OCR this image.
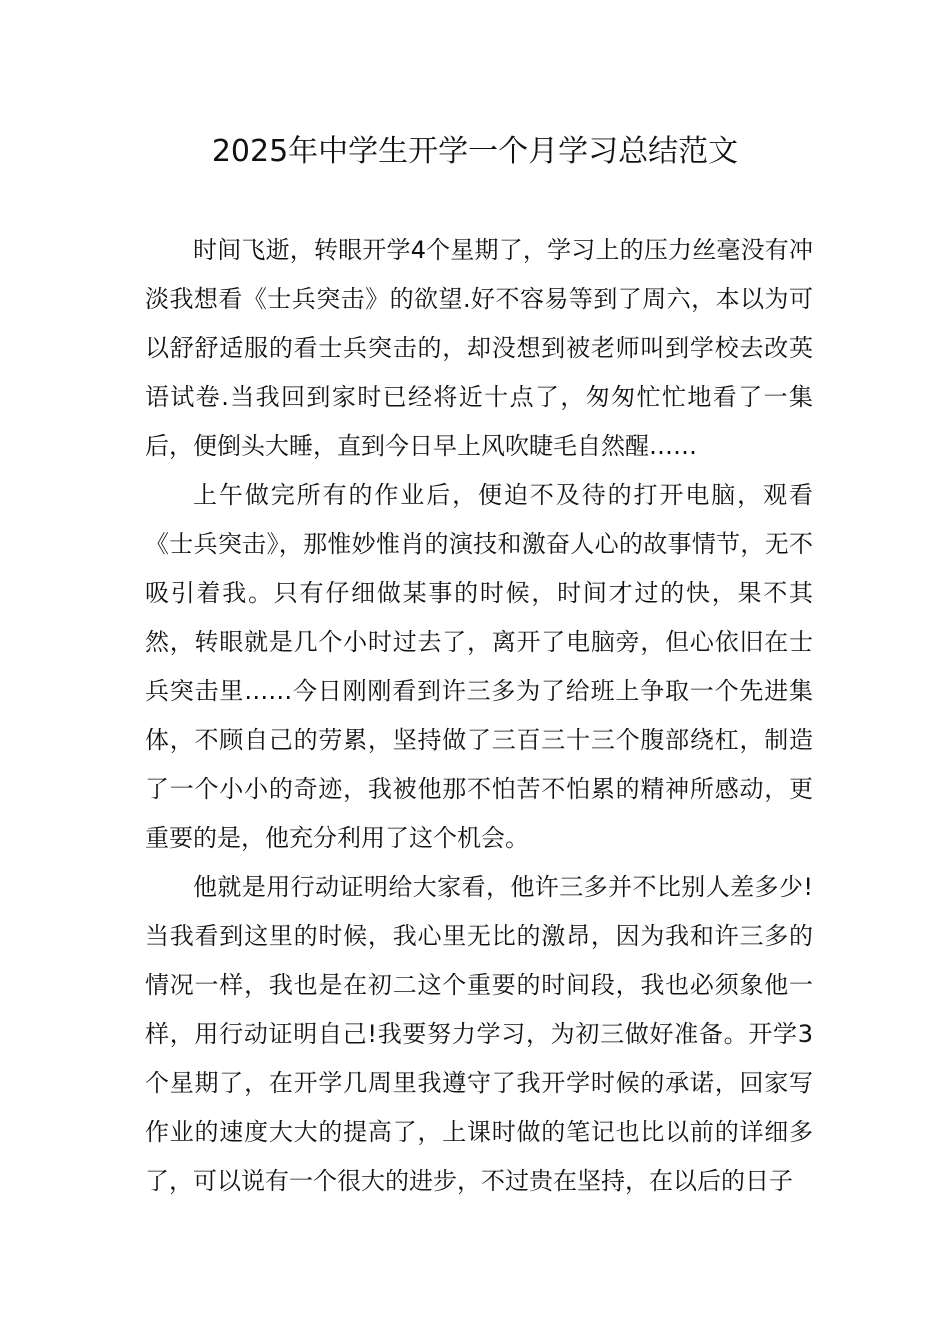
2025年中学生开学一个月学习总结范文

时间飞逝，转眼开学4个星期了，学习上的压力丝毫没有冲淡我想看《士兵突击》的欲望.好不容易等到了周六，本以为可以舒舒适服的看士兵突击的，却没想到被老师叫到学校去改英语试卷.当我回到家时已经将近十点了，匆匆忙忙地看了一集后，便倒头大睡，直到今日早上风吹睫毛自然醒……

上午做完所有的作业后，便迫不及待的打开电脑，观看《士兵突击》，那惟妙惟肖的演技和激奋人心的故事情节，无不吸引着我。只有仔细做某事的时候，时间才过的快，果不其然，转眼就是几个小时过去了，离开了电脑旁，但心依旧在士兵突击里……今日刚刚看到许三多为了给班上争取一个先进集体，不顾自己的劳累，坚持做了三百三十三个腹部绕杠，制造了一个小小的奇迹，我被他那不怕苦不怕累的精神所感动，更重要的是，他充分利用了这个机会。

他就是用行动证明给大家看，他许三多并不比别人差多少!当我看到这里的时候，我心里无比的激昂，因为我和许三多的情况一样，我也是在初二这个重要的时间段，我也必须象他一样，用行动证明自己!我要努力学习，为初三做好准备。开学3个星期了，在开学几周里我遵守了我开学时候的承诺，回家写作业的速度大大的提高了，上课时做的笔记也比以前的详细多了，可以说有一个很大的进步，不过贵在坚持，在以后的日子
